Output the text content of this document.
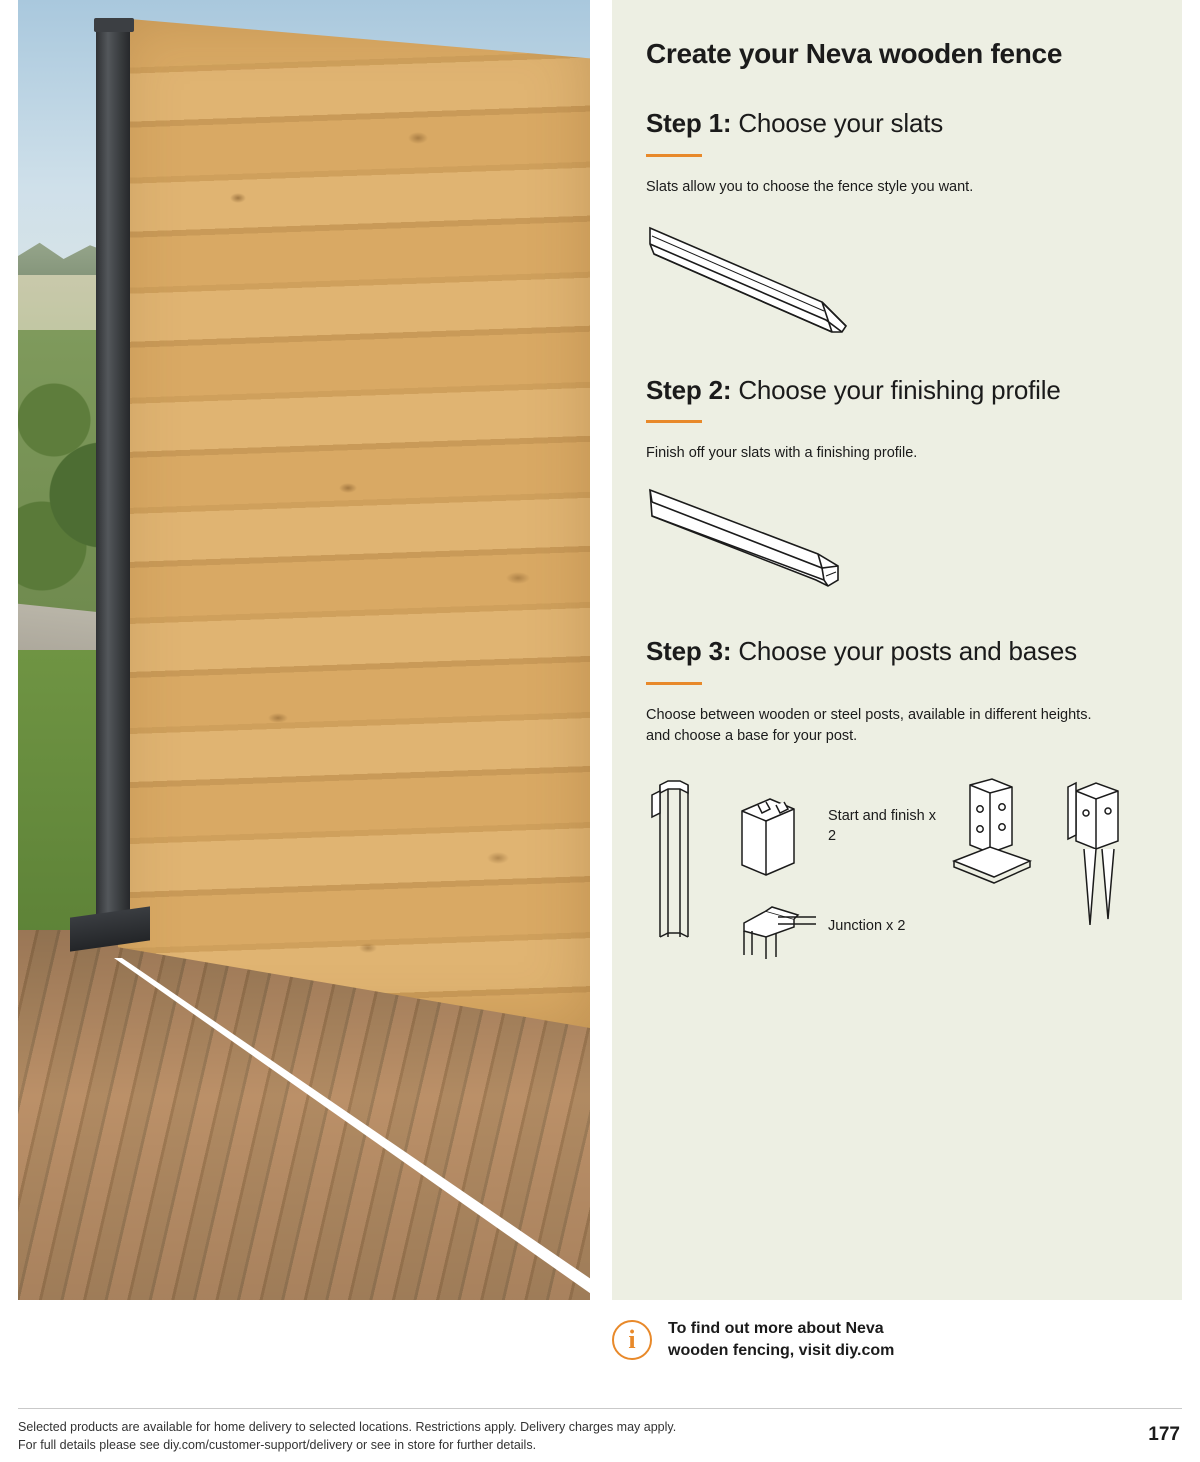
Create your Neva wooden fence
Step 1: Choose your slats

Slats allow you to choose the fence style you want.

Step 2: Choose your finishing profile

Finish off your slats with a finishing profile.

Step 3: Choose your posts and bases

Choose between wooden or steel posts, available in different heights. and choose a base for your post.

Start and finish x 2
Junction x 2
i	To find out more about Neva
wooden fencing, visit diy.com
Selected products are available for home delivery to selected locations. Restrictions apply. Delivery charges may apply.
For full details please see diy.com/customer-support/delivery or see in store for further details.
177
